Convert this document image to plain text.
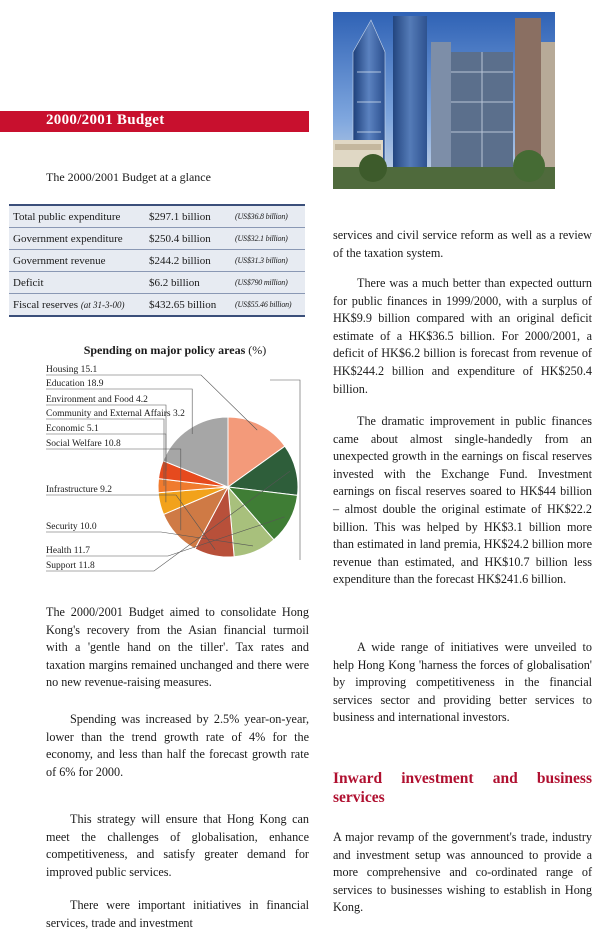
2000/2001 Budget
The 2000/2001 Budget at a glance
Total public expenditure	$297.1 billion	(US$36.8 billion)
Government expenditure	$250.4 billion	(US$32.1 billion)
Government revenue	$244.2 billion	(US$31.3 billion)
Deficit	$6.2 billion	(US$790 million)
Fiscal reserves (at 31-3-00)	$432.65 billion	(US$55.46 billion)
Spending on major policy areas (%)
Housing 15.1
Education 18.9
Environment and Food 4.2
Community and External Affairs 3.2
Economic 5.1
Social Welfare 10.8
Infrastructure 9.2
Security 10.0
Health 11.7
Support 11.8

The 2000/2001 Budget aimed to consolidate Hong Kong's recovery from the Asian financial turmoil with a 'gentle hand on the tiller'. Tax rates and taxation margins remained unchanged and there were no new revenue-raising measures.

Spending was increased by 2.5% year-on-year, lower than the trend growth rate of 4% for the economy, and less than half the forecast growth rate of 6% for 2000.

This strategy will ensure that Hong Kong can meet the challenges of globalisation, enhance competitiveness, and satisfy greater demand for improved public services.

There were important initiatives in financial services, trade and investment

services and civil service reform as well as a review of the taxation system.

There was a much better than expected outturn for public finances in 1999/2000, with a surplus of HK$9.9 billion compared with an original deficit estimate of a HK$36.5 billion. For 2000/2001, a deficit of HK$6.2 billion is forecast from revenue of HK$244.2 billion and expenditure of HK$250.4 billion.

The dramatic improvement in public finances came about almost single-handedly from an unexpected growth in the earnings on fiscal reserves invested with the Exchange Fund. Investment earnings on fiscal reserves soared to HK$44 billion – almost double the original estimate of HK$22.2 billion. This was helped by HK$3.1 billion more than estimated in land premia, HK$24.2 billion more revenue than estimated, and HK$10.7 billion less expenditure than the forecast HK$241.6 billion.

A wide range of initiatives were unveiled to help Hong Kong 'harness the forces of globalisation' by improving competitiveness in the financial services sector and providing better services to business and international investors.

Inward investment and business services

A major revamp of the government's trade, industry and investment setup was announced to provide a more comprehensive and co-ordinated range of services to businesses wishing to establish in Hong Kong.
